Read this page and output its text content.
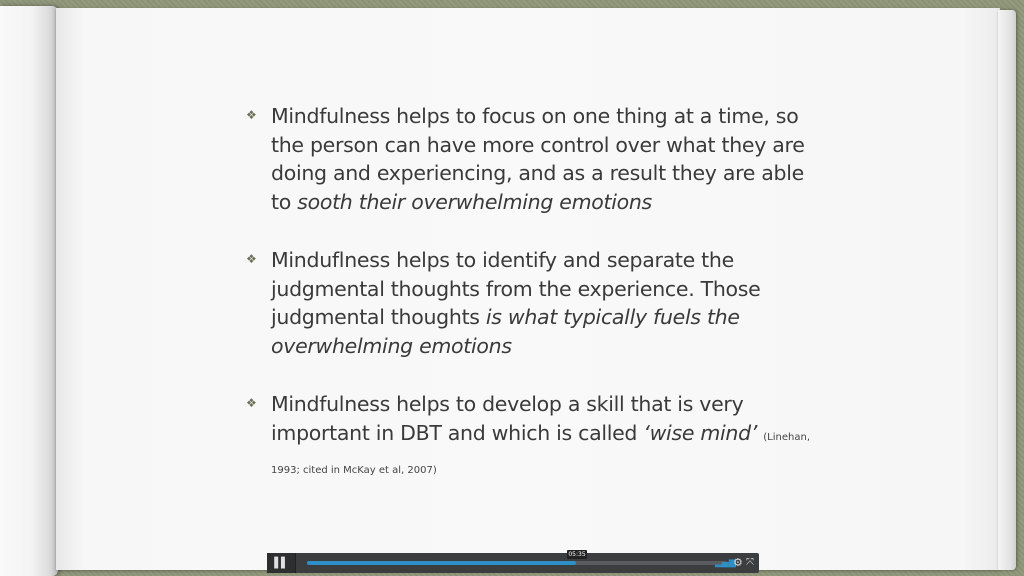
❖ Mindfulness helps to focus on one thing at a time, so the person can have more control over what they are doing and experiencing, and as a result they are able to sooth their overwhelming emotions

❖ Minduflness helps to identify and separate the judgmental thoughts from the experience. Those judgmental thoughts is what typically fuels the overwhelming emotions

❖ Mindfulness helps to develop a skill that is very important in DBT and which is called ‘wise mind’ (Linehan, 1993; cited in McKay et al, 2007)

▌▌	▂▄▆
⚙ ⤧
05:35
